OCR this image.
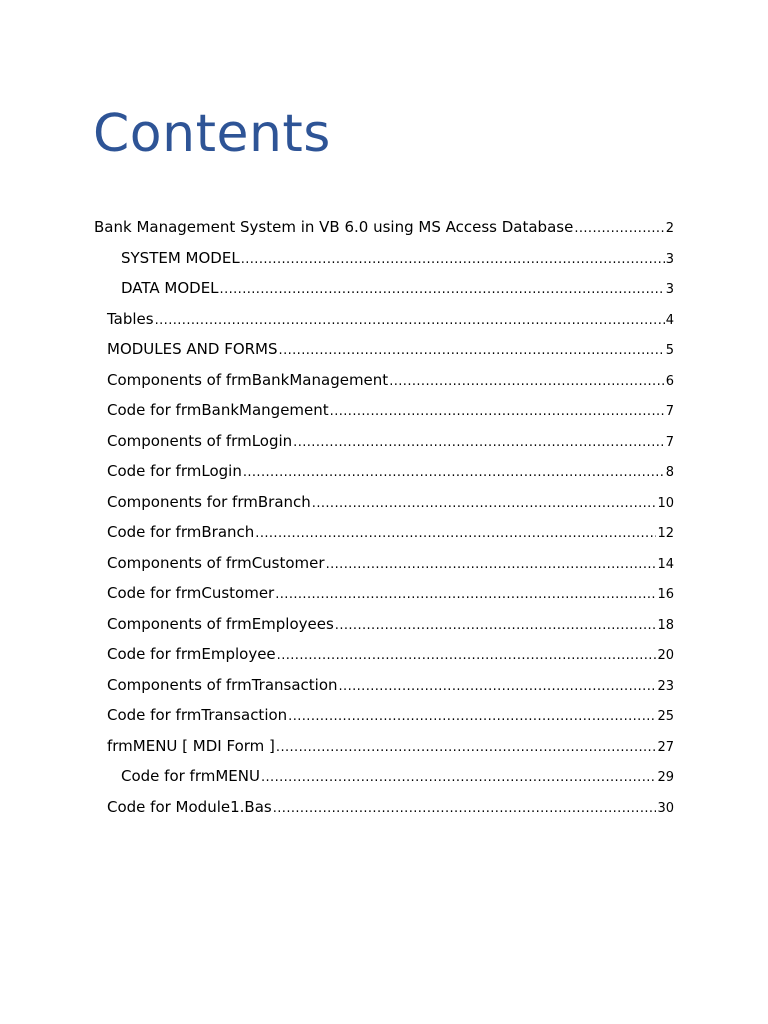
Contents
Bank Management System in VB 6.0 using MS Access Database .....	2
SYSTEM MODEL .....	3
DATA MODEL .....	3
Tables .....	4
MODULES AND FORMS .....	5
Components of frmBankManagement .....	6
Code for frmBankMangement .....	7
Components of frmLogin .....	7
Code for frmLogin .....	8
Components for frmBranch .....	10
Code for frmBranch .....	12
Components of frmCustomer .....	14
Code for frmCustomer .....	16
Components of frmEmployees .....	18
Code for frmEmployee .....	20
Components of frmTransaction .....	23
Code for frmTransaction .....	25
frmMENU [ MDI Form ] .....	27
Code for frmMENU .....	29
Code for Module1.Bas .....	30
